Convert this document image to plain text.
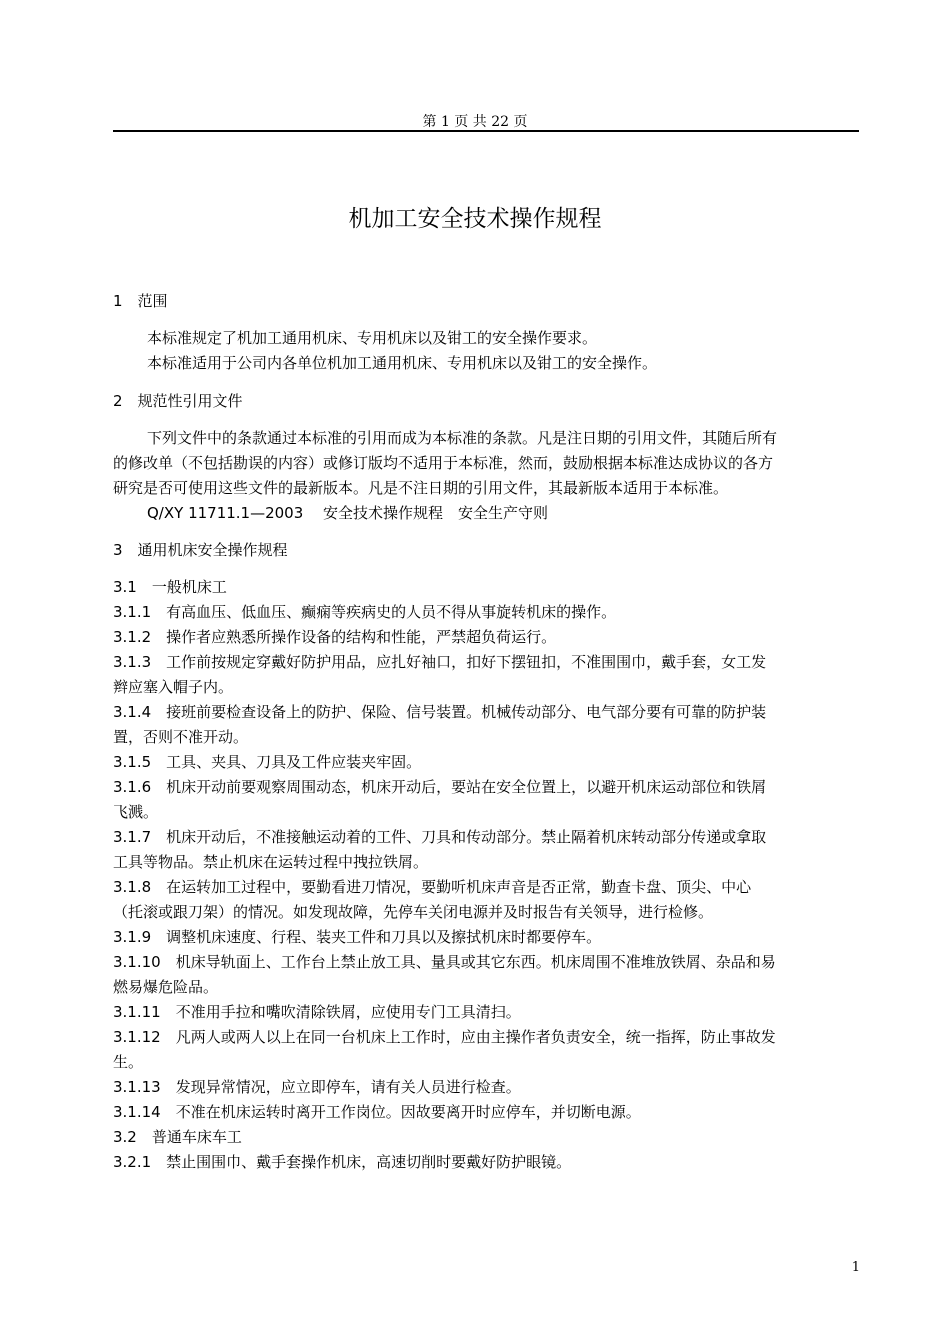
第 1 页 共 22 页
机加工安全技术操作规程
1　范围
本标准规定了机加工通用机床、专用机床以及钳工的安全操作要求。
本标准适用于公司内各单位机加工通用机床、专用机床以及钳工的安全操作。
2　规范性引用文件
下列文件中的条款通过本标准的引用而成为本标准的条款。凡是注日期的引用文件，其随后所有
的修改单（不包括勘误的内容）或修订版均不适用于本标准，然而，鼓励根据本标准达成协议的各方
研究是否可使用这些文件的最新版本。凡是不注日期的引用文件，其最新版本适用于本标准。
Q/XY 11711.1—2003　 安全技术操作规程　安全生产守则
3　通用机床安全操作规程
3.1　一般机床工
3.1.1　有高血压、低血压、癫痫等疾病史的人员不得从事旋转机床的操作。
3.1.2　操作者应熟悉所操作设备的结构和性能，严禁超负荷运行。
3.1.3　工作前按规定穿戴好防护用品，应扎好袖口，扣好下摆钮扣，不准围围巾，戴手套，女工发
辫应塞入帽子内。
3.1.4　接班前要检查设备上的防护、保险、信号装置。机械传动部分、电气部分要有可靠的防护装
置，否则不准开动。
3.1.5　工具、夹具、刀具及工件应装夹牢固。
3.1.6　机床开动前要观察周围动态，机床开动后，要站在安全位置上，以避开机床运动部位和铁屑
飞溅。
3.1.7　机床开动后，不准接触运动着的工件、刀具和传动部分。禁止隔着机床转动部分传递或拿取
工具等物品。禁止机床在运转过程中拽拉铁屑。
3.1.8　在运转加工过程中，要勤看进刀情况，要勤听机床声音是否正常，勤查卡盘、顶尖、中心
（托滚或跟刀架）的情况。如发现故障，先停车关闭电源并及时报告有关领导，进行检修。
3.1.9　调整机床速度、行程、装夹工件和刀具以及擦拭机床时都要停车。
3.1.10　机床导轨面上、工作台上禁止放工具、量具或其它东西。机床周围不准堆放铁屑、杂品和易
燃易爆危险品。
3.1.11　不准用手拉和嘴吹清除铁屑，应使用专门工具清扫。
3.1.12　凡两人或两人以上在同一台机床上工作时，应由主操作者负责安全，统一指挥，防止事故发
生。
3.1.13　发现异常情况，应立即停车，请有关人员进行检查。
3.1.14　不准在机床运转时离开工作岗位。因故要离开时应停车，并切断电源。
3.2　普通车床车工
3.2.1　禁止围围巾、戴手套操作机床，高速切削时要戴好防护眼镜。
1
